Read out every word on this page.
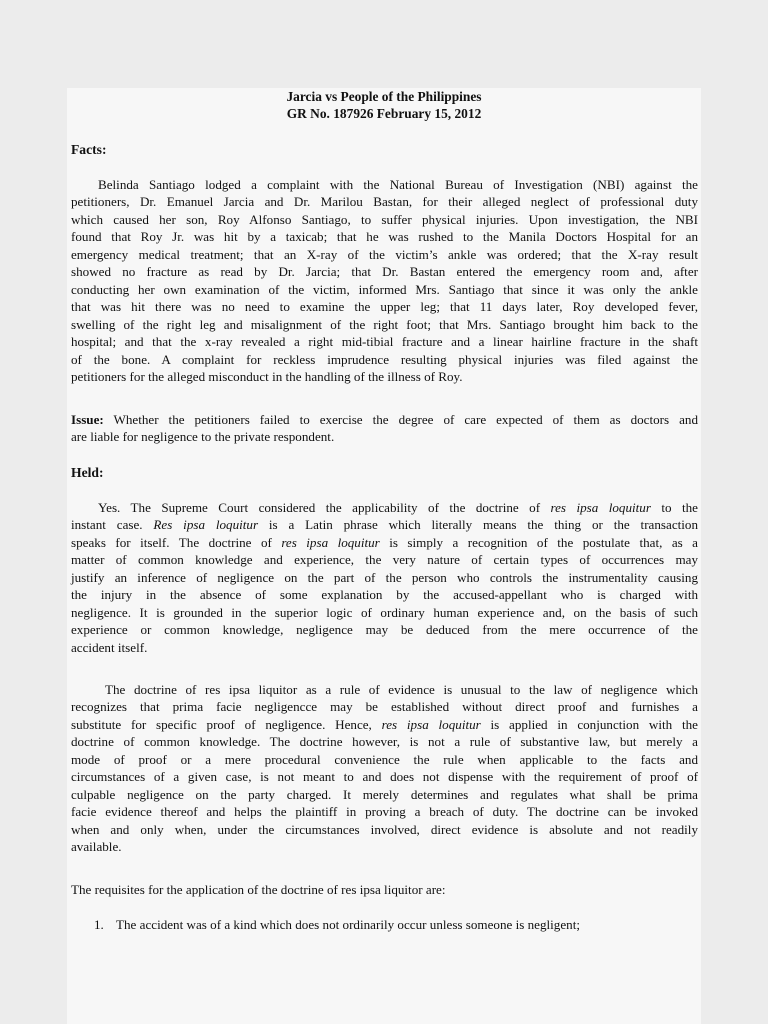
Jarcia vs People of the Philippines
GR No. 187926 February 15, 2012
Facts:
Belinda Santiago lodged a complaint with the National Bureau of Investigation (NBI) against the
petitioners, Dr. Emanuel Jarcia and Dr. Marilou Bastan, for their alleged neglect of professional duty
which caused her son, Roy Alfonso Santiago, to suffer physical injuries. Upon investigation, the NBI
found that Roy Jr. was hit by a taxicab; that he was rushed to the Manila Doctors Hospital for an
emergency medical treatment; that an X-ray of the victim’s ankle was ordered; that the X-ray result
showed no fracture as read by Dr. Jarcia; that Dr. Bastan entered the emergency room and, after
conducting her own examination of the victim, informed Mrs. Santiago that since it was only the ankle
that was hit there was no need to examine the upper leg; that 11 days later, Roy developed fever,
swelling of the right leg and misalignment of the right foot; that Mrs. Santiago brought him back to the
hospital; and that the x-ray revealed a right mid-tibial fracture and a linear hairline fracture in the shaft
of the bone. A complaint for reckless imprudence resulting physical injuries was filed against the
petitioners for the alleged misconduct in the handling of the illness of Roy.
Issue: Whether the petitioners failed to exercise the degree of care expected of them as doctors and
are liable for negligence to the private respondent.
Held:
Yes. The Supreme Court considered the applicability of the doctrine of res ipsa loquitur to the
instant case. Res ipsa loquitur is a Latin phrase which literally means the thing or the transaction
speaks for itself. The doctrine of res ipsa loquitur is simply a recognition of the postulate that, as a
matter of common knowledge and experience, the very nature of certain types of occurrences may
justify an inference of negligence on the part of the person who controls the instrumentality causing
the injury in the absence of some explanation by the accused-appellant who is charged with
negligence. It is grounded in the superior logic of ordinary human experience and, on the basis of such
experience or common knowledge, negligence may be deduced from the mere occurrence of the
accident itself.
The doctrine of res ipsa liquitor as a rule of evidence is unusual to the law of negligence which
recognizes that prima facie negligencce may be established without direct proof and furnishes a
substitute for specific proof of negligence. Hence, res ipsa loquitur is applied in conjunction with the
doctrine of common knowledge. The doctrine however, is not a rule of substantive law, but merely a
mode of proof or a mere procedural convenience the rule when applicable to the facts and
circumstances of a given case, is not meant to and does not dispense with the requirement of proof of
culpable negligence on the party charged. It merely determines and regulates what shall be prima
facie evidence thereof and helps the plaintiff in proving a breach of duty. The doctrine can be invoked
when and only when, under the circumstances involved, direct evidence is absolute and not readily
available.
The requisites for the application of the doctrine of res ipsa liquitor are:
1. The accident was of a kind which does not ordinarily occur unless someone is negligent;
